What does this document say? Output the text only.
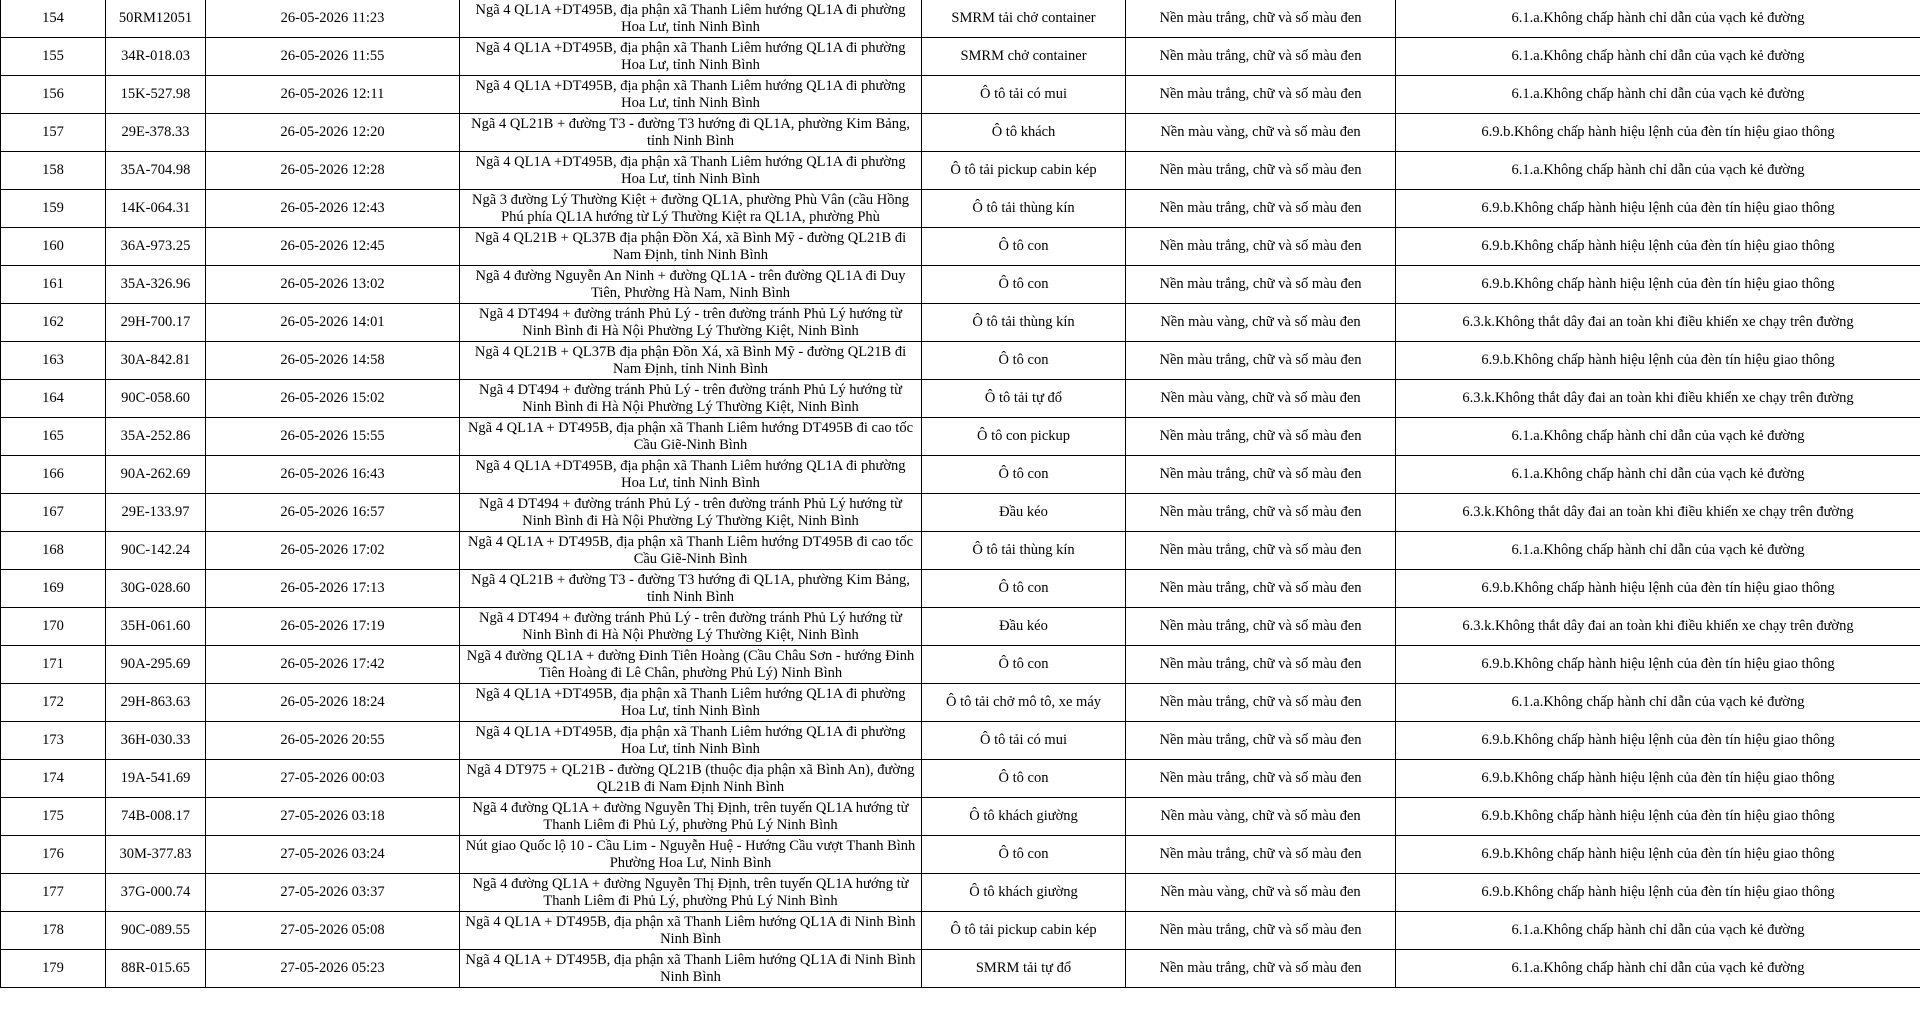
154	50RM12051	26-05-2026 11:23	Ngã 4 QL1A +DT495B, địa phận xã Thanh Liêm hướng QL1A đi phường Hoa Lư, tỉnh Ninh Bình	SMRM tải chở container	Nền màu trắng, chữ và số màu đen	6.1.a.Không chấp hành chỉ dẫn của vạch kẻ đường
155	34R-018.03	26-05-2026 11:55	Ngã 4 QL1A +DT495B, địa phận xã Thanh Liêm hướng QL1A đi phường Hoa Lư, tỉnh Ninh Bình	SMRM chở container	Nền màu trắng, chữ và số màu đen	6.1.a.Không chấp hành chỉ dẫn của vạch kẻ đường
156	15K-527.98	26-05-2026 12:11	Ngã 4 QL1A +DT495B, địa phận xã Thanh Liêm hướng QL1A đi phường Hoa Lư, tỉnh Ninh Bình	Ô tô tải có mui	Nền màu trắng, chữ và số màu đen	6.1.a.Không chấp hành chỉ dẫn của vạch kẻ đường
157	29E-378.33	26-05-2026 12:20	Ngã 4 QL21B + đường T3 - đường T3 hướng đi QL1A, phường Kim Bảng, tỉnh Ninh Bình	Ô tô khách	Nền màu vàng, chữ và số màu đen	6.9.b.Không chấp hành hiệu lệnh của đèn tín hiệu giao thông
158	35A-704.98	26-05-2026 12:28	Ngã 4 QL1A +DT495B, địa phận xã Thanh Liêm hướng QL1A đi phường Hoa Lư, tỉnh Ninh Bình	Ô tô tải pickup cabin kép	Nền màu trắng, chữ và số màu đen	6.1.a.Không chấp hành chỉ dẫn của vạch kẻ đường
159	14K-064.31	26-05-2026 12:43	Ngã 3 đường Lý Thường Kiệt + đường QL1A, phường Phù Vân (cầu Hồng Phú phía QL1A hướng từ Lý Thường Kiệt ra QL1A, phường Phù	Ô tô tải thùng kín	Nền màu trắng, chữ và số màu đen	6.9.b.Không chấp hành hiệu lệnh của đèn tín hiệu giao thông
160	36A-973.25	26-05-2026 12:45	Ngã 4 QL21B + QL37B địa phận Đồn Xá, xã Bình Mỹ - đường QL21B đi Nam Định, tỉnh Ninh Bình	Ô tô con	Nền màu trắng, chữ và số màu đen	6.9.b.Không chấp hành hiệu lệnh của đèn tín hiệu giao thông
161	35A-326.96	26-05-2026 13:02	Ngã 4 đường Nguyễn An Ninh + đường QL1A - trên đường QL1A đi Duy Tiên, Phường Hà Nam, Ninh Bình	Ô tô con	Nền màu trắng, chữ và số màu đen	6.9.b.Không chấp hành hiệu lệnh của đèn tín hiệu giao thông
162	29H-700.17	26-05-2026 14:01	Ngã 4 DT494 + đường tránh Phủ Lý - trên đường tránh Phủ Lý hướng từ Ninh Bình đi Hà Nội Phường Lý Thường Kiệt, Ninh Bình	Ô tô tải thùng kín	Nền màu vàng, chữ và số màu đen	6.3.k.Không thắt dây đai an toàn khi điều khiển xe chạy trên đường
163	30A-842.81	26-05-2026 14:58	Ngã 4 QL21B + QL37B địa phận Đồn Xá, xã Bình Mỹ - đường QL21B đi Nam Định, tỉnh Ninh Bình	Ô tô con	Nền màu trắng, chữ và số màu đen	6.9.b.Không chấp hành hiệu lệnh của đèn tín hiệu giao thông
164	90C-058.60	26-05-2026 15:02	Ngã 4 DT494 + đường tránh Phủ Lý - trên đường tránh Phủ Lý hướng từ Ninh Bình đi Hà Nội Phường Lý Thường Kiệt, Ninh Bình	Ô tô tải tự đổ	Nền màu vàng, chữ và số màu đen	6.3.k.Không thắt dây đai an toàn khi điều khiển xe chạy trên đường
165	35A-252.86	26-05-2026 15:55	Ngã 4 QL1A + DT495B, địa phận xã Thanh Liêm hướng DT495B đi cao tốc Cầu Giẽ-Ninh Bình	Ô tô con pickup	Nền màu trắng, chữ và số màu đen	6.1.a.Không chấp hành chỉ dẫn của vạch kẻ đường
166	90A-262.69	26-05-2026 16:43	Ngã 4 QL1A +DT495B, địa phận xã Thanh Liêm hướng QL1A đi phường Hoa Lư, tỉnh Ninh Bình	Ô tô con	Nền màu trắng, chữ và số màu đen	6.1.a.Không chấp hành chỉ dẫn của vạch kẻ đường
167	29E-133.97	26-05-2026 16:57	Ngã 4 DT494 + đường tránh Phủ Lý - trên đường tránh Phủ Lý hướng từ Ninh Bình đi Hà Nội Phường Lý Thường Kiệt, Ninh Bình	Đầu kéo	Nền màu trắng, chữ và số màu đen	6.3.k.Không thắt dây đai an toàn khi điều khiển xe chạy trên đường
168	90C-142.24	26-05-2026 17:02	Ngã 4 QL1A + DT495B, địa phận xã Thanh Liêm hướng DT495B đi cao tốc Cầu Giẽ-Ninh Bình	Ô tô tải thùng kín	Nền màu trắng, chữ và số màu đen	6.1.a.Không chấp hành chỉ dẫn của vạch kẻ đường
169	30G-028.60	26-05-2026 17:13	Ngã 4 QL21B + đường T3 - đường T3 hướng đi QL1A, phường Kim Bảng, tỉnh Ninh Bình	Ô tô con	Nền màu trắng, chữ và số màu đen	6.9.b.Không chấp hành hiệu lệnh của đèn tín hiệu giao thông
170	35H-061.60	26-05-2026 17:19	Ngã 4 DT494 + đường tránh Phủ Lý - trên đường tránh Phủ Lý hướng từ Ninh Bình đi Hà Nội Phường Lý Thường Kiệt, Ninh Bình	Đầu kéo	Nền màu trắng, chữ và số màu đen	6.3.k.Không thắt dây đai an toàn khi điều khiển xe chạy trên đường
171	90A-295.69	26-05-2026 17:42	Ngã 4 đường QL1A + đường Đinh Tiên Hoàng (Cầu Châu Sơn - hướng Đinh Tiên Hoàng đi Lê Chân, phường Phủ Lý) Ninh Bình	Ô tô con	Nền màu trắng, chữ và số màu đen	6.9.b.Không chấp hành hiệu lệnh của đèn tín hiệu giao thông
172	29H-863.63	26-05-2026 18:24	Ngã 4 QL1A +DT495B, địa phận xã Thanh Liêm hướng QL1A đi phường Hoa Lư, tỉnh Ninh Bình	Ô tô tải chở mô tô, xe máy	Nền màu trắng, chữ và số màu đen	6.1.a.Không chấp hành chỉ dẫn của vạch kẻ đường
173	36H-030.33	26-05-2026 20:55	Ngã 4 QL1A +DT495B, địa phận xã Thanh Liêm hướng QL1A đi phường Hoa Lư, tỉnh Ninh Bình	Ô tô tải có mui	Nền màu trắng, chữ và số màu đen	6.9.b.Không chấp hành hiệu lệnh của đèn tín hiệu giao thông
174	19A-541.69	27-05-2026 00:03	Ngã 4 DT975 + QL21B - đường QL21B (thuộc địa phận xã Bình An), đường QL21B đi Nam Định Ninh Bình	Ô tô con	Nền màu trắng, chữ và số màu đen	6.9.b.Không chấp hành hiệu lệnh của đèn tín hiệu giao thông
175	74B-008.17	27-05-2026 03:18	Ngã 4 đường QL1A + đường Nguyễn Thị Định, trên tuyến QL1A hướng từ Thanh Liêm đi Phủ Lý, phường Phủ Lý Ninh Bình	Ô tô khách giường	Nền màu vàng, chữ và số màu đen	6.9.b.Không chấp hành hiệu lệnh của đèn tín hiệu giao thông
176	30M-377.83	27-05-2026 03:24	Nút giao Quốc lộ 10 - Cầu Lim - Nguyễn Huệ - Hướng Cầu vượt Thanh Bình Phường Hoa Lư, Ninh Bình	Ô tô con	Nền màu trắng, chữ và số màu đen	6.9.b.Không chấp hành hiệu lệnh của đèn tín hiệu giao thông
177	37G-000.74	27-05-2026 03:37	Ngã 4 đường QL1A + đường Nguyễn Thị Định, trên tuyến QL1A hướng từ Thanh Liêm đi Phủ Lý, phường Phủ Lý Ninh Bình	Ô tô khách giường	Nền màu vàng, chữ và số màu đen	6.9.b.Không chấp hành hiệu lệnh của đèn tín hiệu giao thông
178	90C-089.55	27-05-2026 05:08	Ngã 4 QL1A + DT495B, địa phận xã Thanh Liêm hướng QL1A đi Ninh Bình Ninh Bình	Ô tô tải pickup cabin kép	Nền màu trắng, chữ và số màu đen	6.1.a.Không chấp hành chỉ dẫn của vạch kẻ đường
179	88R-015.65	27-05-2026 05:23	Ngã 4 QL1A + DT495B, địa phận xã Thanh Liêm hướng QL1A đi Ninh Bình Ninh Bình	SMRM tải tự đổ	Nền màu trắng, chữ và số màu đen	6.1.a.Không chấp hành chỉ dẫn của vạch kẻ đường
